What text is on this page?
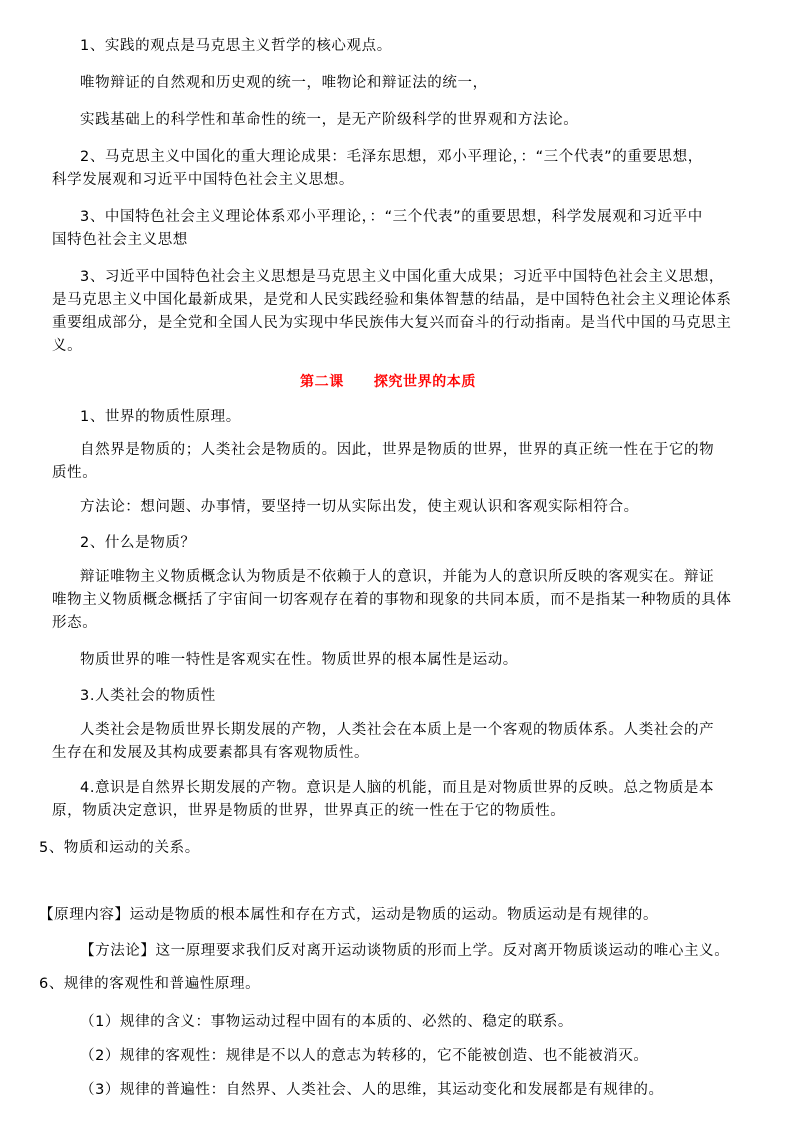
1、实践的观点是马克思主义哲学的核心观点。
唯物辩证的自然观和历史观的统一，唯物论和辩证法的统一，
实践基础上的科学性和革命性的统一，是无产阶级科学的世界观和方法论。
2、马克思主义中国化的重大理论成果：毛泽东思想，邓小平理论，：“三个代表”的重要思想，
科学发展观和习近平中国特色社会主义思想。
3、中国特色社会主义理论体系邓小平理论，：“三个代表”的重要思想，科学发展观和习近平中
国特色社会主义思想
3、习近平中国特色社会主义思想是马克思主义中国化重大成果；习近平中国特色社会主义思想，
是马克思主义中国化最新成果，是党和人民实践经验和集体智慧的结晶，是中国特色社会主义理论体系
重要组成部分，是全党和全国人民为实现中华民族伟大复兴而奋斗的行动指南。是当代中国的马克思主
义。
第二课 探究世界的本质
1、世界的物质性原理。
自然界是物质的；人类社会是物质的。因此，世界是物质的世界，世界的真正统一性在于它的物
质性。
方法论：想问题、办事情，要坚持一切从实际出发，使主观认识和客观实际相符合。
2、什么是物质？
辩证唯物主义物质概念认为物质是不依赖于人的意识，并能为人的意识所反映的客观实在。辩证
唯物主义物质概念概括了宇宙间一切客观存在着的事物和现象的共同本质，而不是指某一种物质的具体
形态。
物质世界的唯一特性是客观实在性。物质世界的根本属性是运动。
3.人类社会的物质性
人类社会是物质世界长期发展的产物，人类社会在本质上是一个客观的物质体系。人类社会的产
生存在和发展及其构成要素都具有客观物质性。
4.意识是自然界长期发展的产物。意识是人脑的机能，而且是对物质世界的反映。总之物质是本
原，物质决定意识，世界是物质的世界，世界真正的统一性在于它的物质性。
5、物质和运动的关系。
【原理内容】运动是物质的根本属性和存在方式，运动是物质的运动。物质运动是有规律的。
【方法论】这一原理要求我们反对离开运动谈物质的形而上学。反对离开物质谈运动的唯心主义。
6、规律的客观性和普遍性原理。
（1）规律的含义：事物运动过程中固有的本质的、必然的、稳定的联系。
（2）规律的客观性：规律是不以人的意志为转移的，它不能被创造、也不能被消灭。
（3）规律的普遍性：自然界、人类社会、人的思维，其运动变化和发展都是有规律的。
